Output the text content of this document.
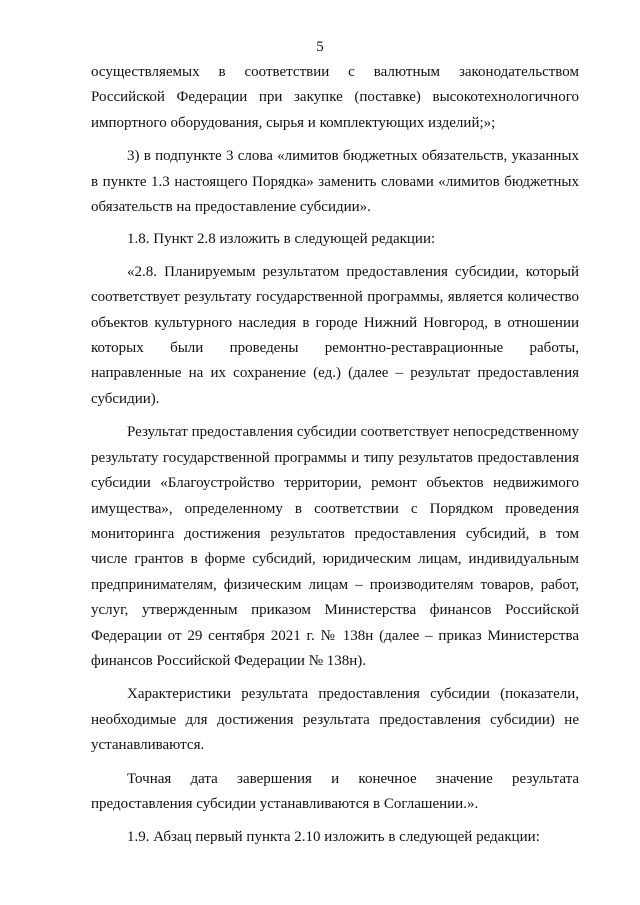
5

осуществляемых в соответствии с валютным законодательством Российской Федерации при закупке (поставке) высокотехнологичного импортного оборудования, сырья и комплектующих изделий;»;

3) в подпункте 3 слова «лимитов бюджетных обязательств, указанных в пункте 1.3 настоящего Порядка» заменить словами «лимитов бюджетных обязательств на предоставление субсидии».

1.8. Пункт 2.8 изложить в следующей редакции:

«2.8. Планируемым результатом предоставления субсидии, который соответствует результату государственной программы, является количество объектов культурного наследия в городе Нижний Новгород, в отношении которых были проведены ремонтно-реставрационные работы, направленные на их сохранение (ед.) (далее – результат предоставления субсидии).

Результат предоставления субсидии соответствует непосредственному результату государственной программы и типу результатов предоставления субсидии «Благоустройство территории, ремонт объектов недвижимого имущества», определенному в соответствии с Порядком проведения мониторинга достижения результатов предоставления субсидий, в том числе грантов в форме субсидий, юридическим лицам, индивидуальным предпринимателям, физическим лицам – производителям товаров, работ, услуг, утвержденным приказом Министерства финансов Российской Федерации от 29 сентября 2021 г. № 138н (далее – приказ Министерства финансов Российской Федерации № 138н).

Характеристики результата предоставления субсидии (показатели, необходимые для достижения результата предоставления субсидии) не устанавливаются.

Точная дата завершения и конечное значение результата предоставления субсидии устанавливаются в Соглашении.».

1.9. Абзац первый пункта 2.10 изложить в следующей редакции:
